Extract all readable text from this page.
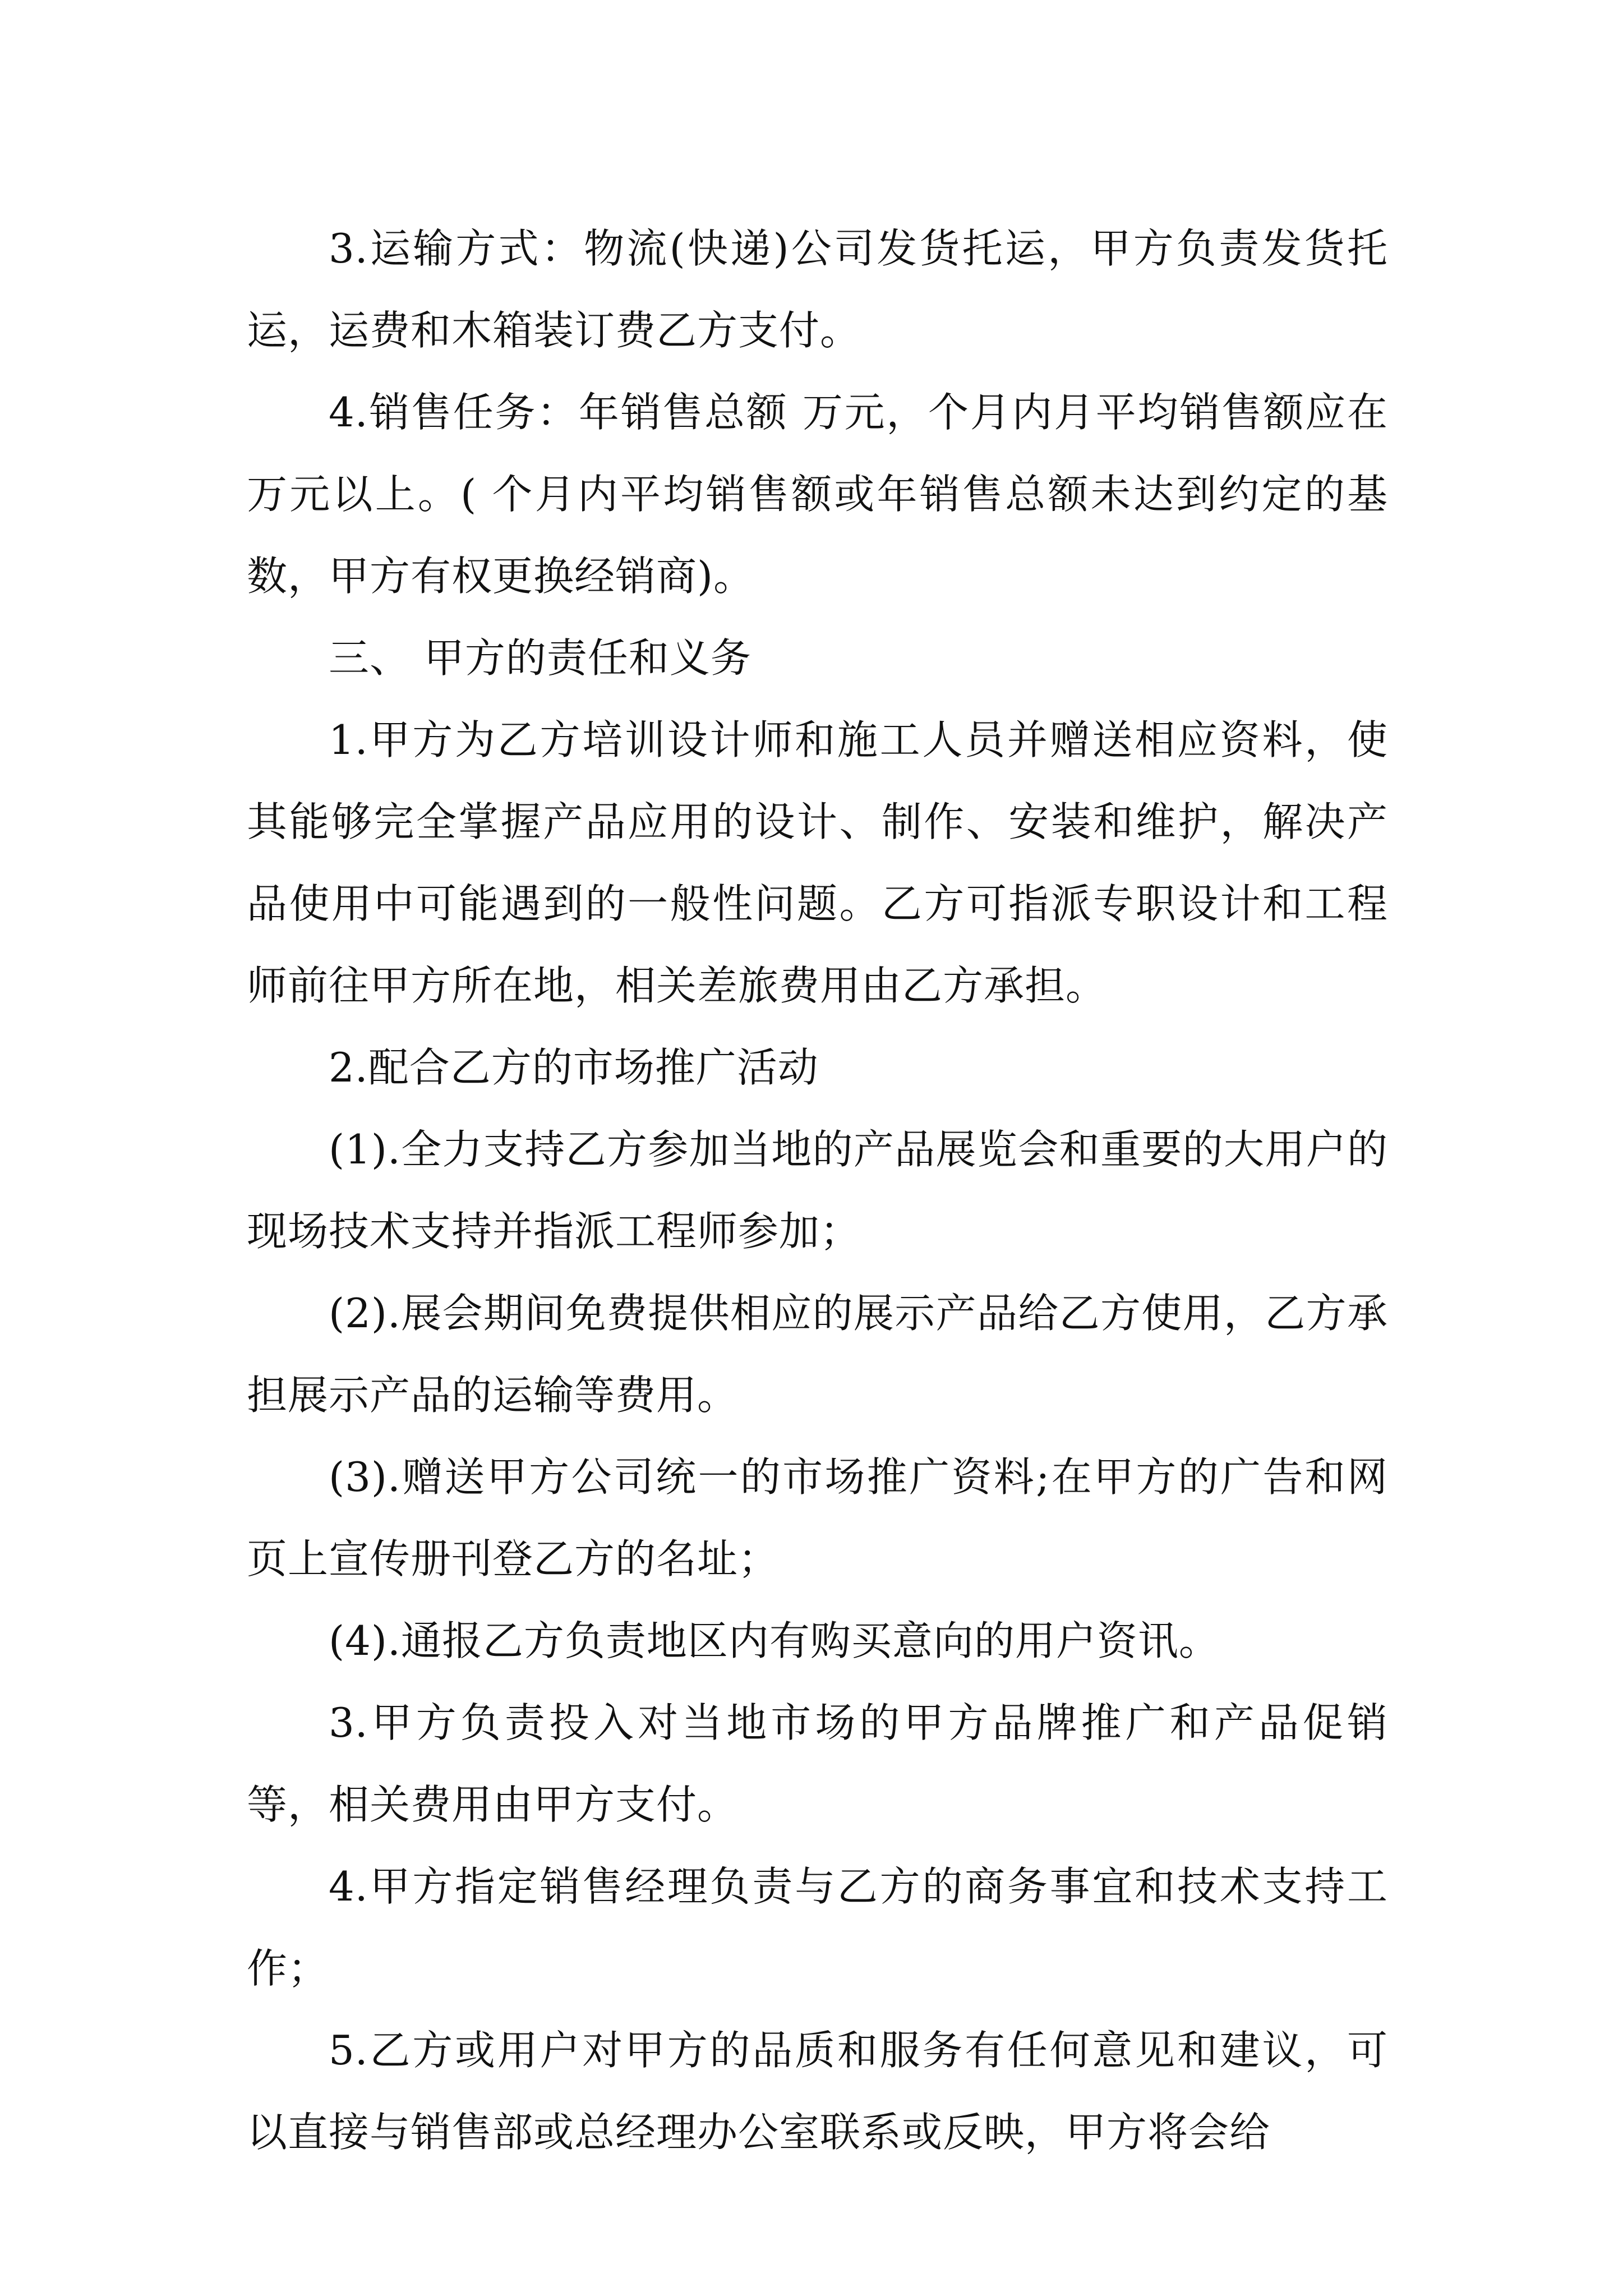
3.运输方式：物流(快递)公司发货托运，甲方负责发货托运，运费和木箱装订费乙方支付。

4.销售任务：年销售总额 万元，个月内月平均销售额应在 万元以上。( 个月内平均销售额或年销售总额未达到约定的基数，甲方有权更换经销商)。

三、 甲方的责任和义务

1.甲方为乙方培训设计师和施工人员并赠送相应资料，使其能够完全掌握产品应用的设计、制作、安装和维护，解决产品使用中可能遇到的一般性问题。乙方可指派专职设计和工程师前往甲方所在地，相关差旅费用由乙方承担。

2.配合乙方的市场推广活动

(1).全力支持乙方参加当地的产品展览会和重要的大用户的现场技术支持并指派工程师参加；

(2).展会期间免费提供相应的展示产品给乙方使用，乙方承担展示产品的运输等费用。

(3).赠送甲方公司统一的市场推广资料;在甲方的广告和网页上宣传册刊登乙方的名址；

(4).通报乙方负责地区内有购买意向的用户资讯。

3.甲方负责投入对当地市场的甲方品牌推广和产品促销等，相关费用由甲方支付。

4.甲方指定销售经理负责与乙方的商务事宜和技术支持工作；

5.乙方或用户对甲方的品质和服务有任何意见和建议，可以直接与销售部或总经理办公室联系或反映，甲方将会给
